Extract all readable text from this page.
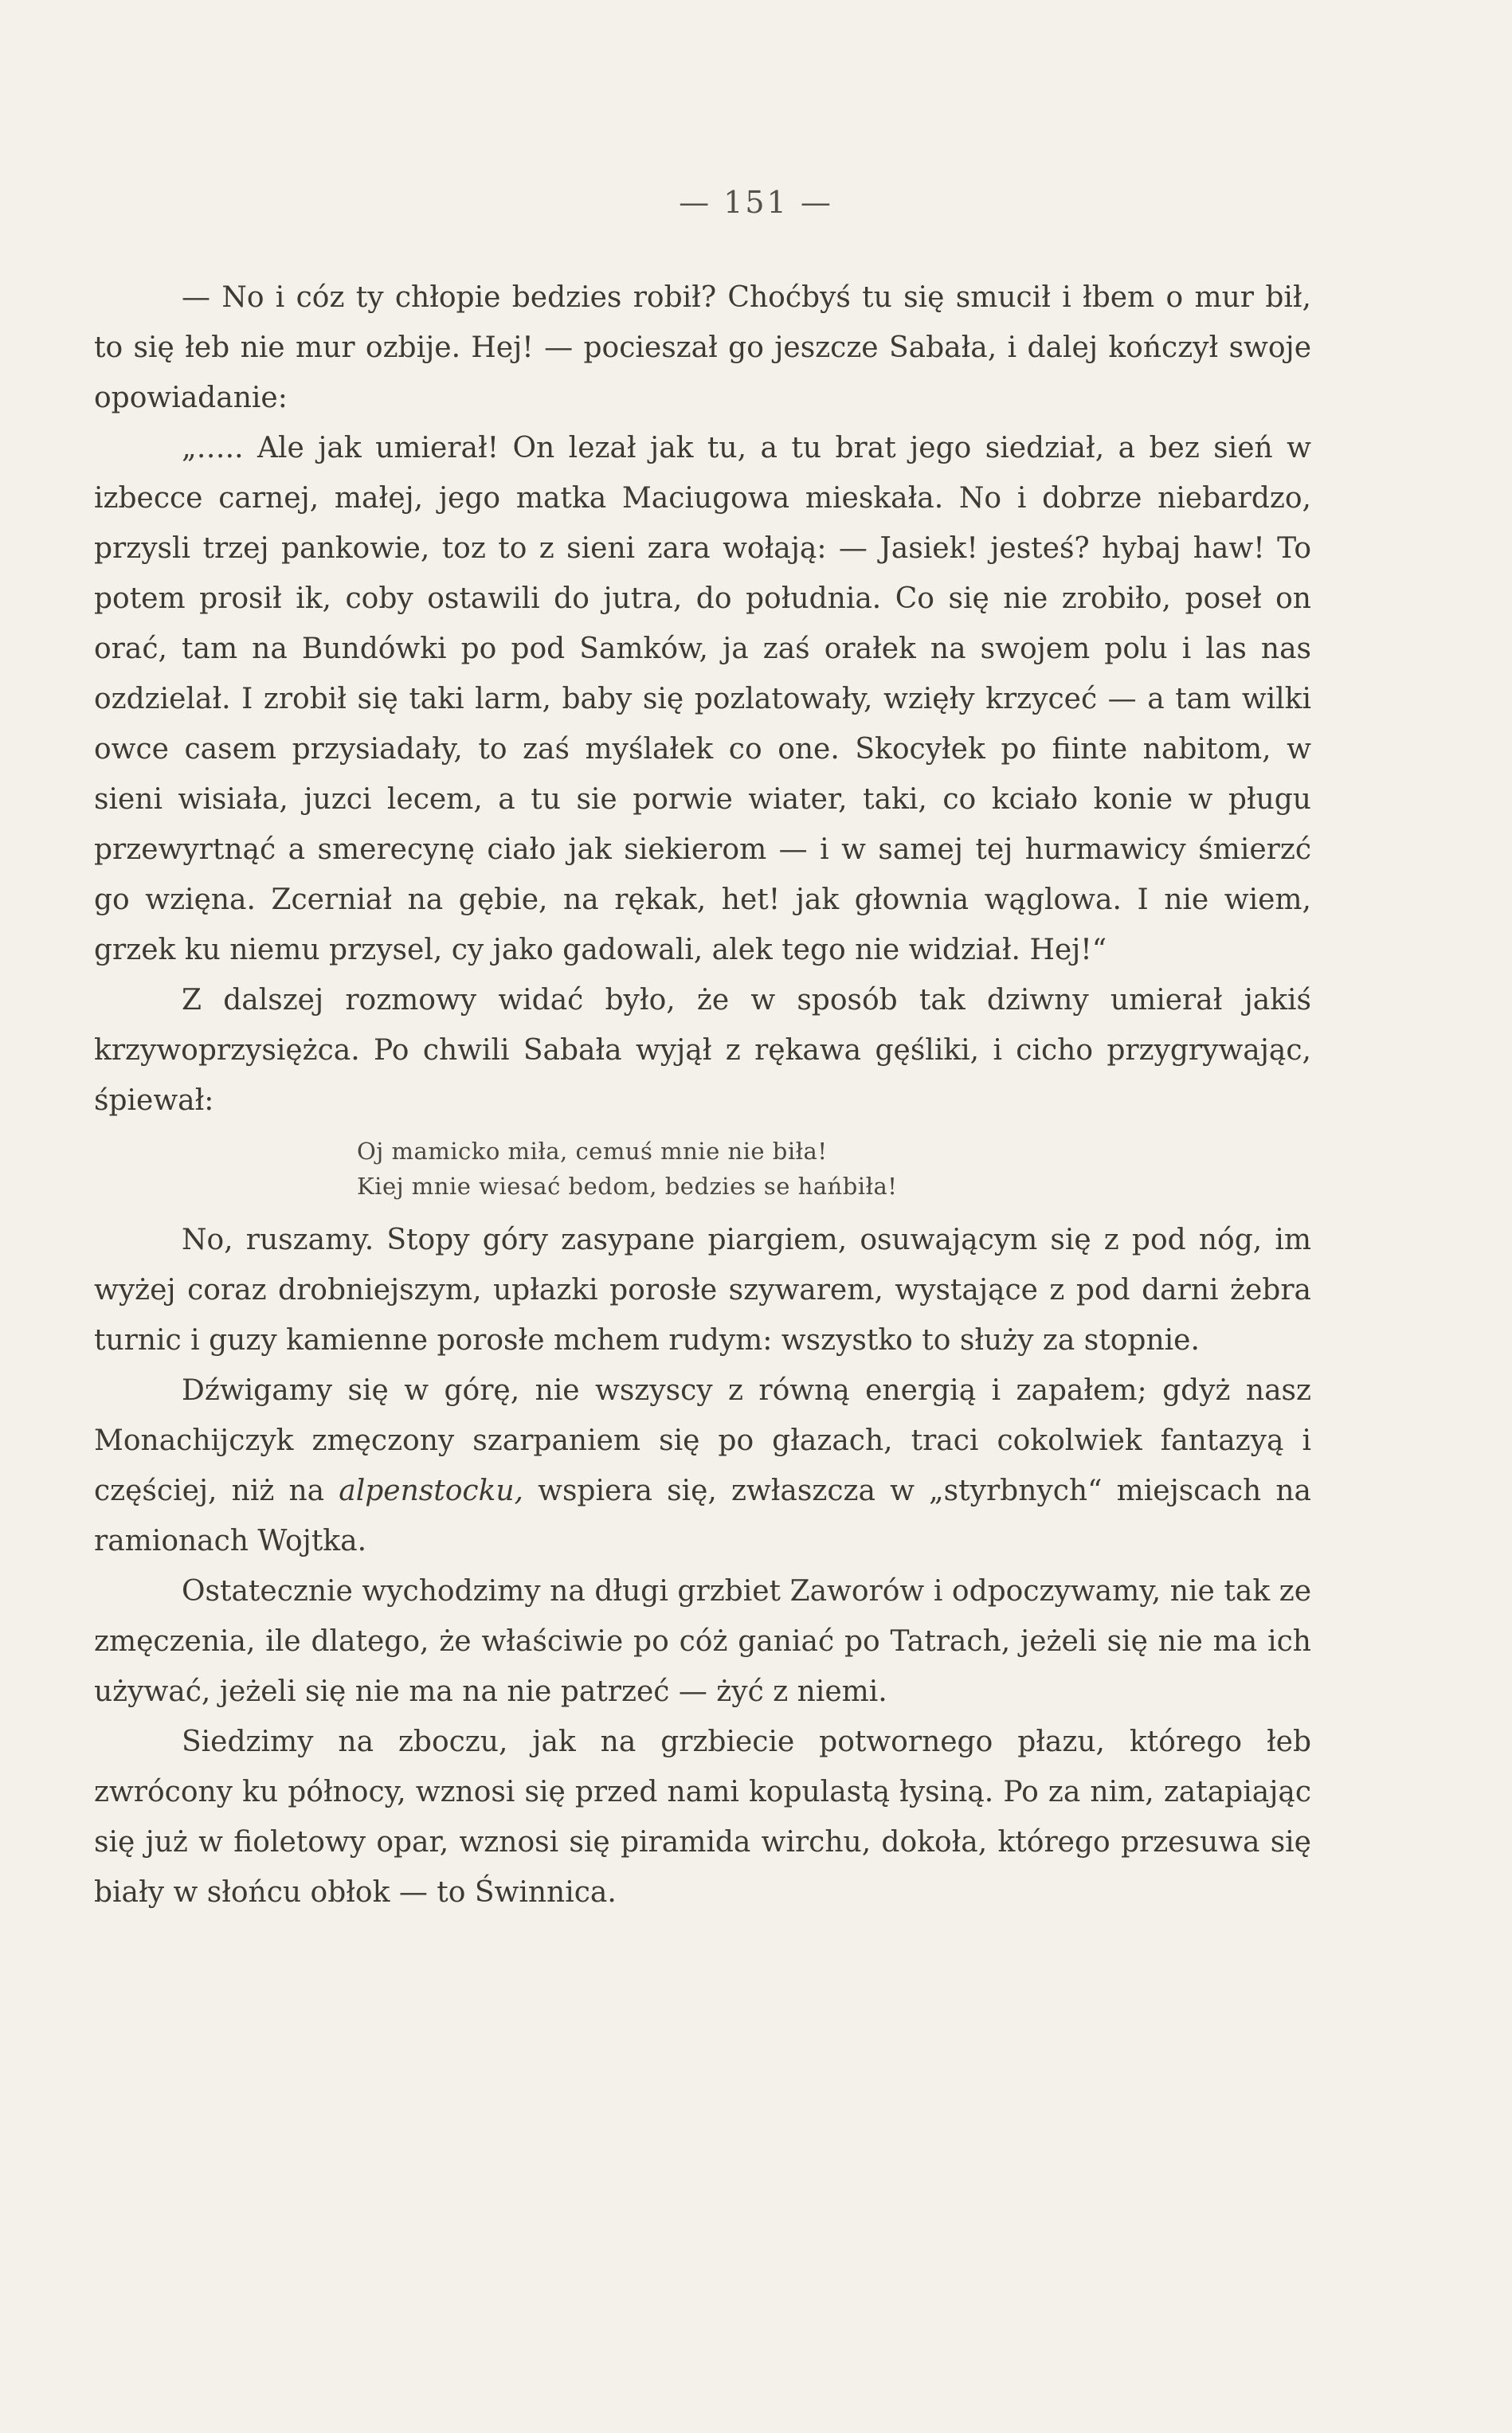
— 151 —

— No i cóz ty chłopie bedzies robił? Choćbyś tu się smucił i łbem o mur bił, to się łeb nie mur ozbije. Hej! — pocieszał go jeszcze Sabała, i dalej kończył swoje opowiadanie:

„….. Ale jak umierał! On lezał jak tu, a tu brat jego siedział, a bez sień w izbecce carnej, małej, jego matka Maciugowa mieskała. No i dobrze niebardzo, przysli trzej pankowie, toz to z sieni zara wołają: — Jasiek! jesteś? hybaj haw! To potem prosił ik, coby ostawili do jutra, do południa. Co się nie zrobiło, poseł on orać, tam na Bundówki po pod Samków, ja zaś orałek na swojem polu i las nas ozdzielał. I zrobił się taki larm, baby się pozlatowały, wzięły krzyceć — a tam wilki owce casem przysiadały, to zaś myślałek co one. Skocyłek po fiinte nabitom, w sieni wisiała, juzci lecem, a tu sie porwie wiater, taki, co kciało konie w pługu przewyrtnąć a smerecynę ciało jak siekierom — i w samej tej hurmawicy śmierzć go wzięna. Zcerniał na gębie, na rękak, het! jak głownia wąglowa. I nie wiem, grzek ku niemu przysel, cy jako gadowali, alek tego nie widział. Hej!“

Z dalszej rozmowy widać było, że w sposób tak dziwny umierał jakiś krzywoprzysiężca. Po chwili Sabała wyjął z rękawa gęśliki, i cicho przygrywając, śpiewał:

Oj mamicko miła, cemuś mnie nie biła!
Kiej mnie wiesać bedom, bedzies se hańbiła!

No, ruszamy. Stopy góry zasypane piargiem, osuwającym się z pod nóg, im wyżej coraz drobniejszym, upłazki porosłe szywarem, wystające z pod darni żebra turnic i guzy kamienne porosłe mchem rudym: wszystko to służy za stopnie.

Dźwigamy się w górę, nie wszyscy z równą energią i zapałem; gdyż nasz Monachijczyk zmęczony szarpaniem się po głazach, traci cokolwiek fantazyą i częściej, niż na alpenstocku, wspiera się, zwłaszcza w „styrbnych“ miejscach na ramionach Wojtka.

Ostatecznie wychodzimy na długi grzbiet Zaworów i odpoczywamy, nie tak ze zmęczenia, ile dlatego, że właściwie po cóż ganiać po Tatrach, jeżeli się nie ma ich używać, jeżeli się nie ma na nie patrzeć — żyć z niemi.

Siedzimy na zboczu, jak na grzbiecie potwornego płazu, którego łeb zwrócony ku północy, wznosi się przed nami kopulastą łysiną. Po za nim, zatapiając się już w fioletowy opar, wznosi się piramida wirchu, dokoła, którego przesuwa się biały w słońcu obłok — to Świnnica.
